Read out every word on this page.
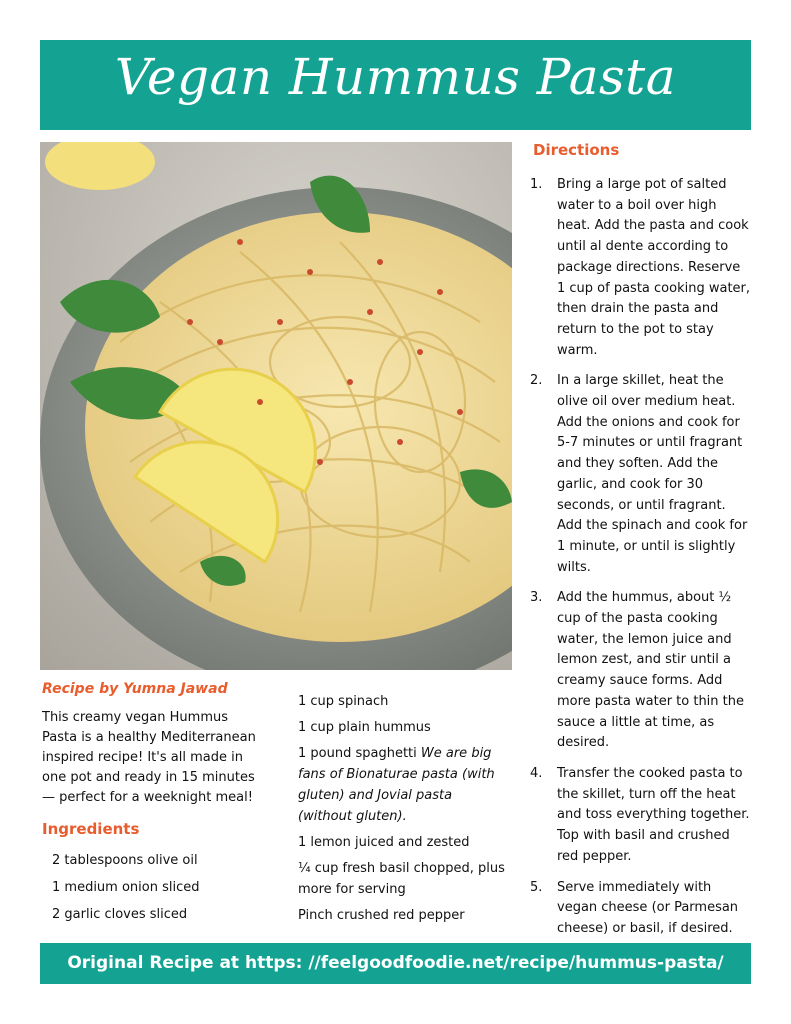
Vegan Hummus Pasta
Directions
1.	Bring a large pot of salted water to a boil over high heat. Add the pasta and cook until al dente according to package directions. Reserve 1 cup of pasta cooking water, then drain the pasta and return to the pot to stay warm.
2.	In a large skillet, heat the olive oil over medium heat. Add the onions and cook for 5-7 minutes or until fragrant and they soften. Add the garlic, and cook for 30 seconds, or until fragrant. Add the spinach and cook for 1 minute, or until is slightly wilts.
3.	Add the hummus, about ½ cup of the pasta cooking water, the lemon juice and lemon zest, and stir until a creamy sauce forms. Add more pasta water to thin the sauce a little at time, as desired.
4.	Transfer the cooked pasta to the skillet, turn off the heat and toss everything together. Top with basil and crushed red pepper.
5.	Serve immediately with vegan cheese (or Parmesan cheese) or basil, if desired.
Recipe by Yumna Jawad

This creamy vegan Hummus Pasta is a healthy Mediterranean inspired recipe! It's all made in one pot and ready in 15 minutes — perfect for a weeknight meal!

Ingredients
2 tablespoons olive oil
1 medium onion sliced
2 garlic cloves sliced
1 cup spinach
1 cup plain hummus
1 pound spaghetti We are big fans of Bionaturae pasta (with gluten) and Jovial pasta (without gluten).
1 lemon juiced and zested
¼ cup fresh basil chopped, plus more for serving
Pinch crushed red pepper
Original Recipe at https: //feelgoodfoodie.net/recipe/hummus-pasta/
